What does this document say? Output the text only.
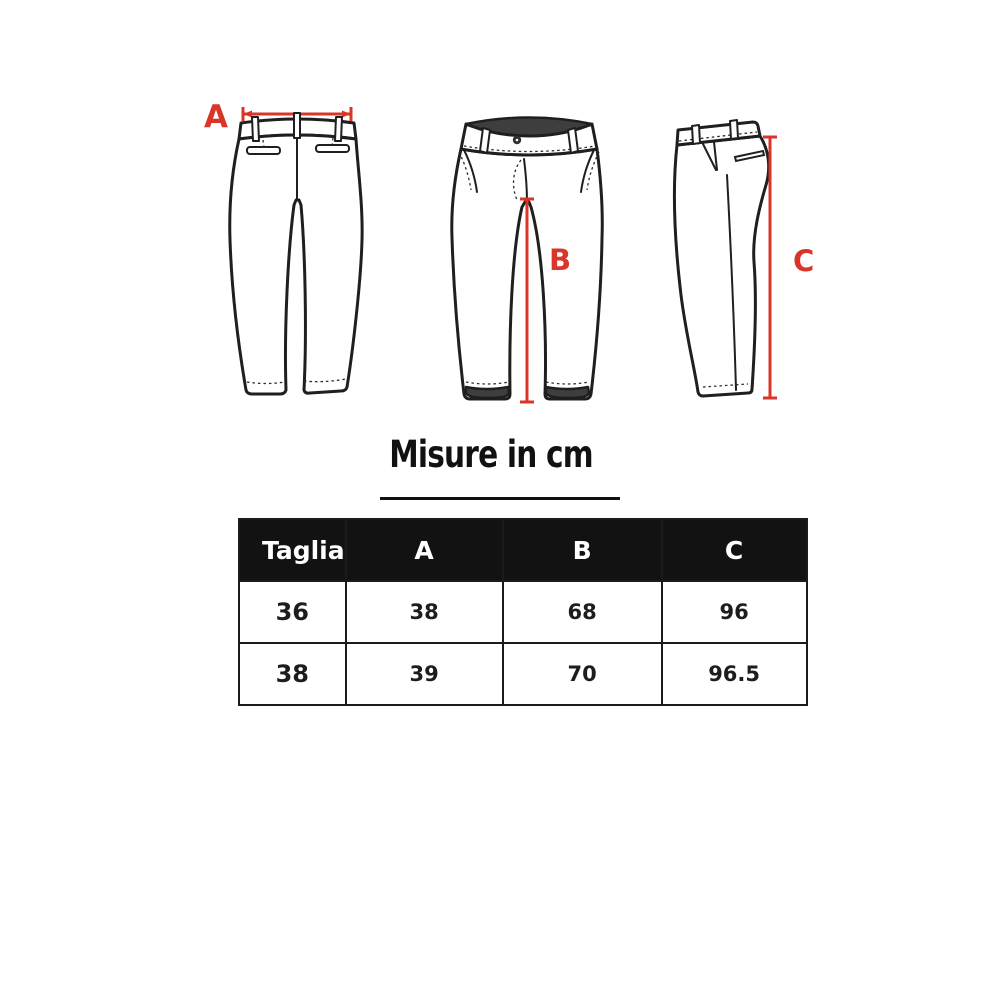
A
B	C
Misure in cm
Taglia	A	B	C
36	38	68	96
38	39	70	96.5
